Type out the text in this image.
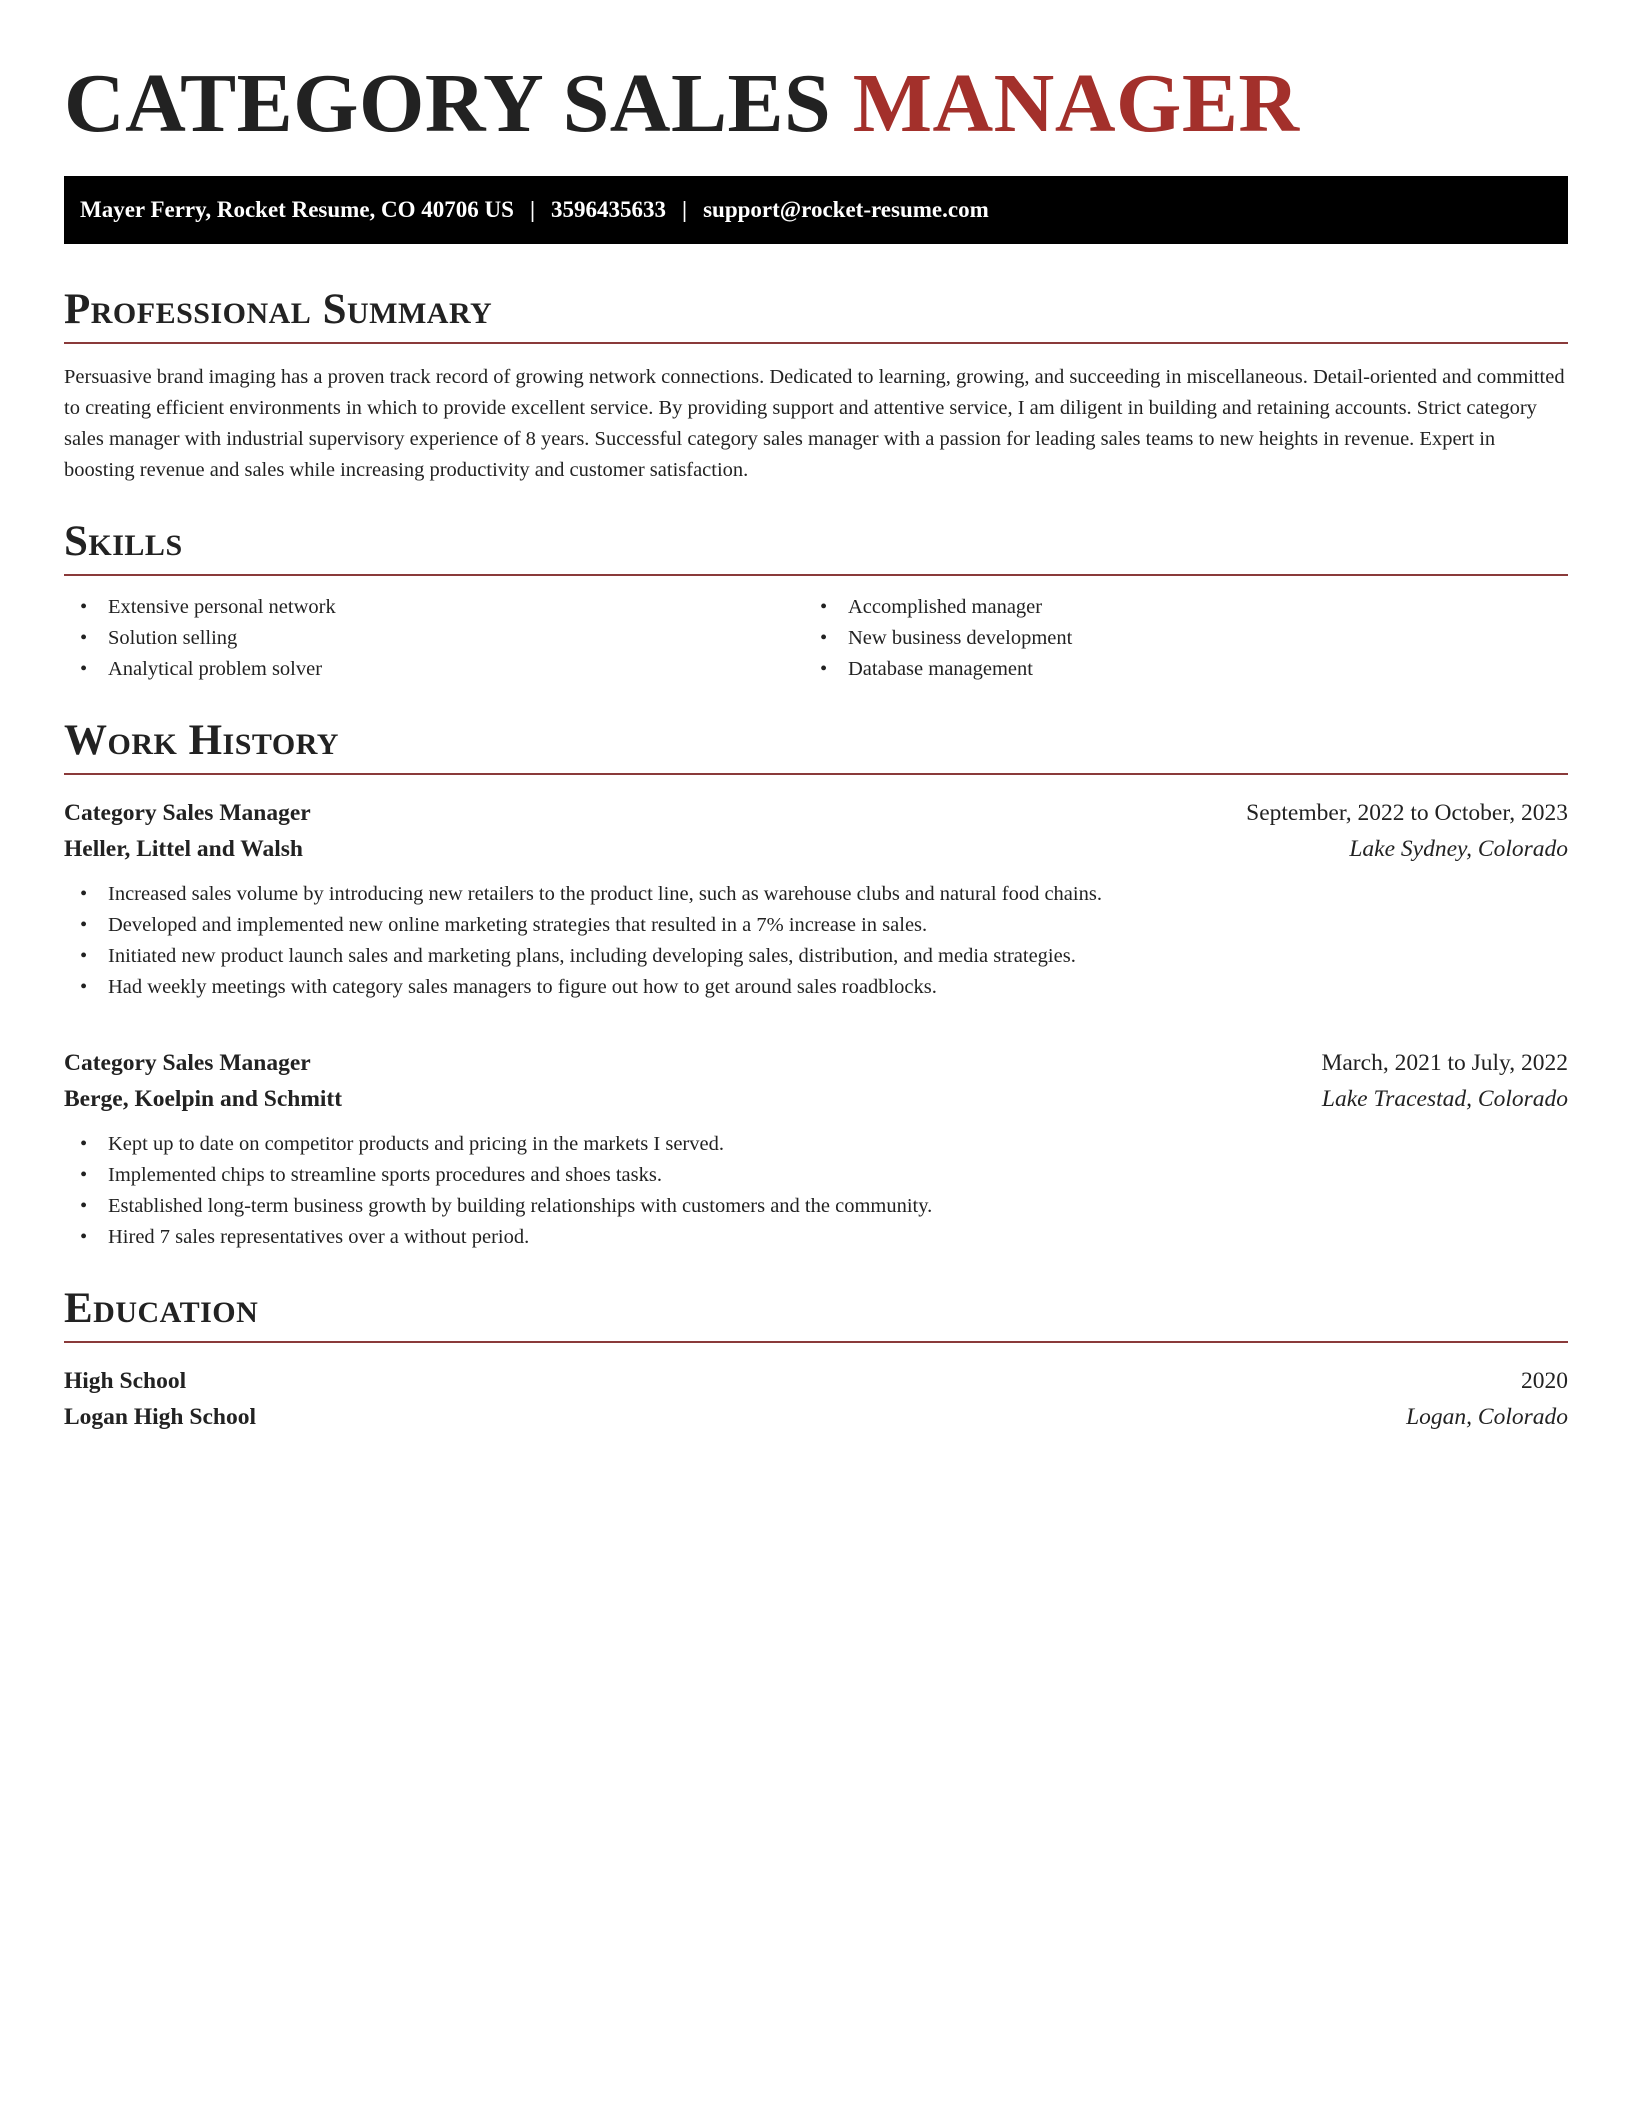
CATEGORY SALES MANAGER
Mayer Ferry, Rocket Resume, CO 40706 US | 3596435633 | support@rocket-resume.com
Professional Summary

Persuasive brand imaging has a proven track record of growing network connections. Dedicated to learning, growing, and succeeding in miscellaneous. Detail-oriented and committed to creating efficient environments in which to provide excellent service. By providing support and attentive service, I am diligent in building and retaining accounts. Strict category sales manager with industrial supervisory experience of 8 years. Successful category sales manager with a passion for leading sales teams to new heights in revenue. Expert in boosting revenue and sales while increasing productivity and customer satisfaction.

Skills
• Extensive personal network
• Solution selling
• Analytical problem solver
• Accomplished manager
• New business development
• Database management
Work History
Category Sales Manager	September, 2022 to October, 2023
Heller, Littel and Walsh	Lake Sydney, Colorado
• Increased sales volume by introducing new retailers to the product line, such as warehouse clubs and natural food chains.
• Developed and implemented new online marketing strategies that resulted in a 7% increase in sales.
• Initiated new product launch sales and marketing plans, including developing sales, distribution, and media strategies.
• Had weekly meetings with category sales managers to figure out how to get around sales roadblocks.
Category Sales Manager	March, 2021 to July, 2022
Berge, Koelpin and Schmitt	Lake Tracestad, Colorado
• Kept up to date on competitor products and pricing in the markets I served.
• Implemented chips to streamline sports procedures and shoes tasks.
• Established long-term business growth by building relationships with customers and the community.
• Hired 7 sales representatives over a without period.
Education
High School	2020
Logan High School	Logan, Colorado
